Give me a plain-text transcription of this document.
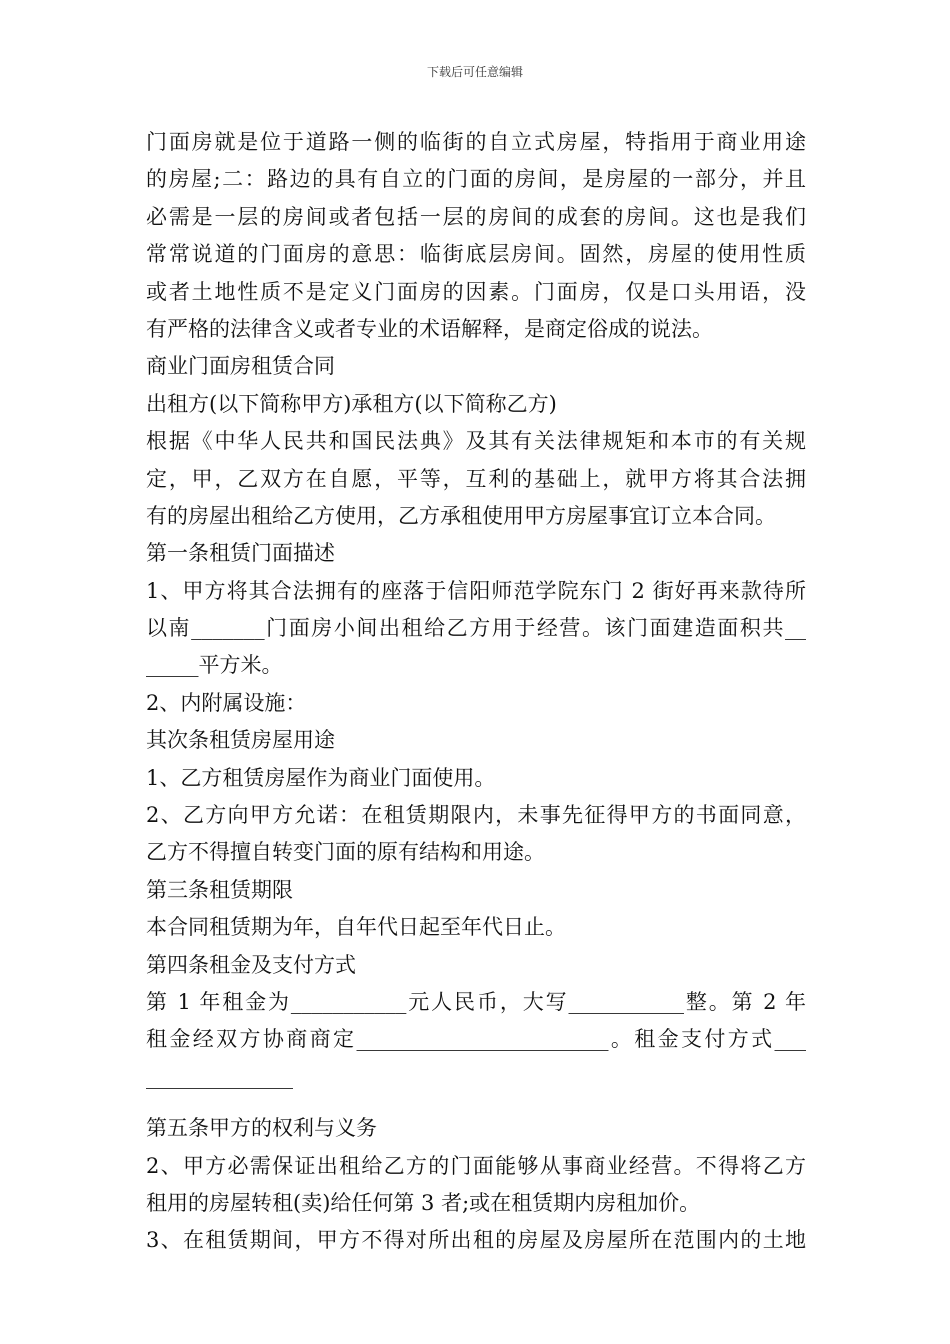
下载后可任意编辑
门面房就是位于道路一侧的临街的自立式房屋，特指用于商业用途
的房屋;二：路边的具有自立的门面的房间，是房屋的一部分，并且
必需是一层的房间或者包括一层的房间的成套的房间。这也是我们
常常说道的门面房的意思：临街底层房间。固然，房屋的使用性质
或者土地性质不是定义门面房的因素。门面房，仅是口头用语，没
有严格的法律含义或者专业的术语解释，是商定俗成的说法。
商业门面房租赁合同
出租方(以下简称甲方)承租方(以下简称乙方)
根据《中华人民共和国民法典》及其有关法律规矩和本市的有关规
定，甲，乙双方在自愿，平等，互利的基础上，就甲方将其合法拥
有的房屋出租给乙方使用，乙方承租使用甲方房屋事宜订立本合同。
第一条租赁门面描述
1、甲方将其合法拥有的座落于信阳师范学院东门 2 街好再来款待所
以南_______门面房小间出租给乙方用于经营。该门面建造面积共__
_____平方米。
2、内附属设施：
其次条租赁房屋用途
1、乙方租赁房屋作为商业门面使用。
2、乙方向甲方允诺：在租赁期限内，未事先征得甲方的书面同意，
乙方不得擅自转变门面的原有结构和用途。
第三条租赁期限
本合同租赁期为年，自年代日起至年代日止。
第四条租金及支付方式
第 1 年租金为___________元人民币，大写___________整。第 2 年
租金经双方协商商定________________________。租金支付方式___
______________
第五条甲方的权利与义务
2、甲方必需保证出租给乙方的门面能够从事商业经营。不得将乙方
租用的房屋转租(卖)给任何第 3 者;或在租赁期内房租加价。
3、在租赁期间，甲方不得对所出租的房屋及房屋所在范围内的土地
